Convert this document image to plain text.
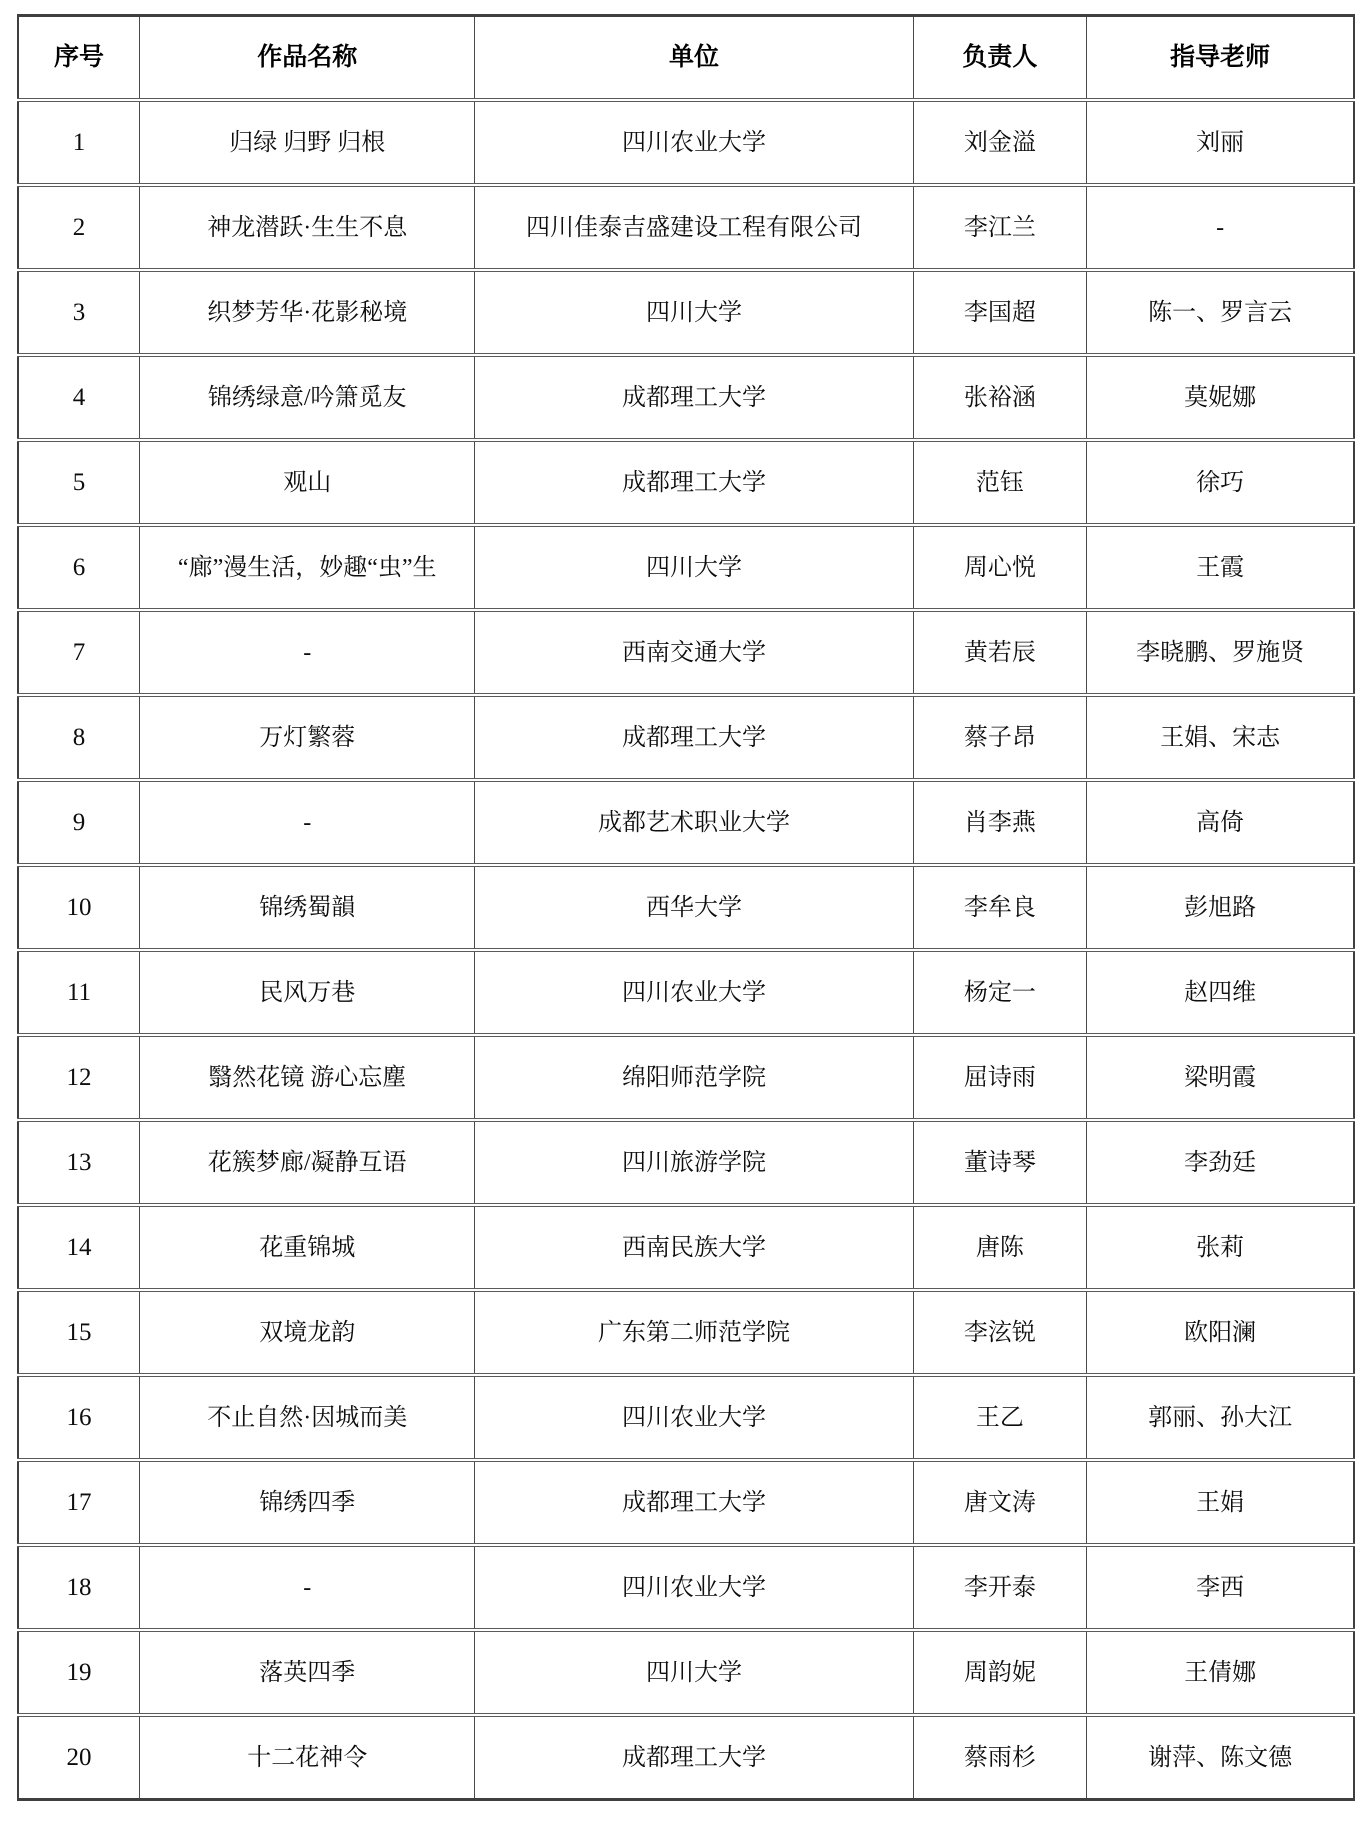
序号	作品名称	单位	负责人	指导老师
1	归绿 归野 归根	四川农业大学	刘金溢	刘丽
2	神龙潜跃·生生不息	四川佳泰吉盛建设工程有限公司	李江兰	-
3	织梦芳华·花影秘境	四川大学	李国超	陈一、罗言云
4	锦绣绿意/吟箫觅友	成都理工大学	张裕涵	莫妮娜
5	观山	成都理工大学	范钰	徐巧
6	“廊”漫生活，妙趣“虫”生	四川大学	周心悦	王霞
7	-	西南交通大学	黄若辰	李晓鹏、罗施贤
8	万灯繁蓉	成都理工大学	蔡子昂	王娟、宋志
9	-	成都艺术职业大学	肖李燕	高倚
10	锦绣蜀韻	西华大学	李牟良	彭旭路
11	民风万巷	四川农业大学	杨定一	赵四维
12	翳然花镜 游心忘塵	绵阳师范学院	屈诗雨	梁明霞
13	花簇梦廊/凝静互语	四川旅游学院	董诗琴	李劲廷
14	花重锦城	西南民族大学	唐陈	张莉
15	双境龙韵	广东第二师范学院	李泫锐	欧阳澜
16	不止自然·因城而美	四川农业大学	王乙	郭丽、孙大江
17	锦绣四季	成都理工大学	唐文涛	王娟
18	-	四川农业大学	李开泰	李西
19	落英四季	四川大学	周韵妮	王倩娜
20	十二花神令	成都理工大学	蔡雨杉	谢萍、陈文德
